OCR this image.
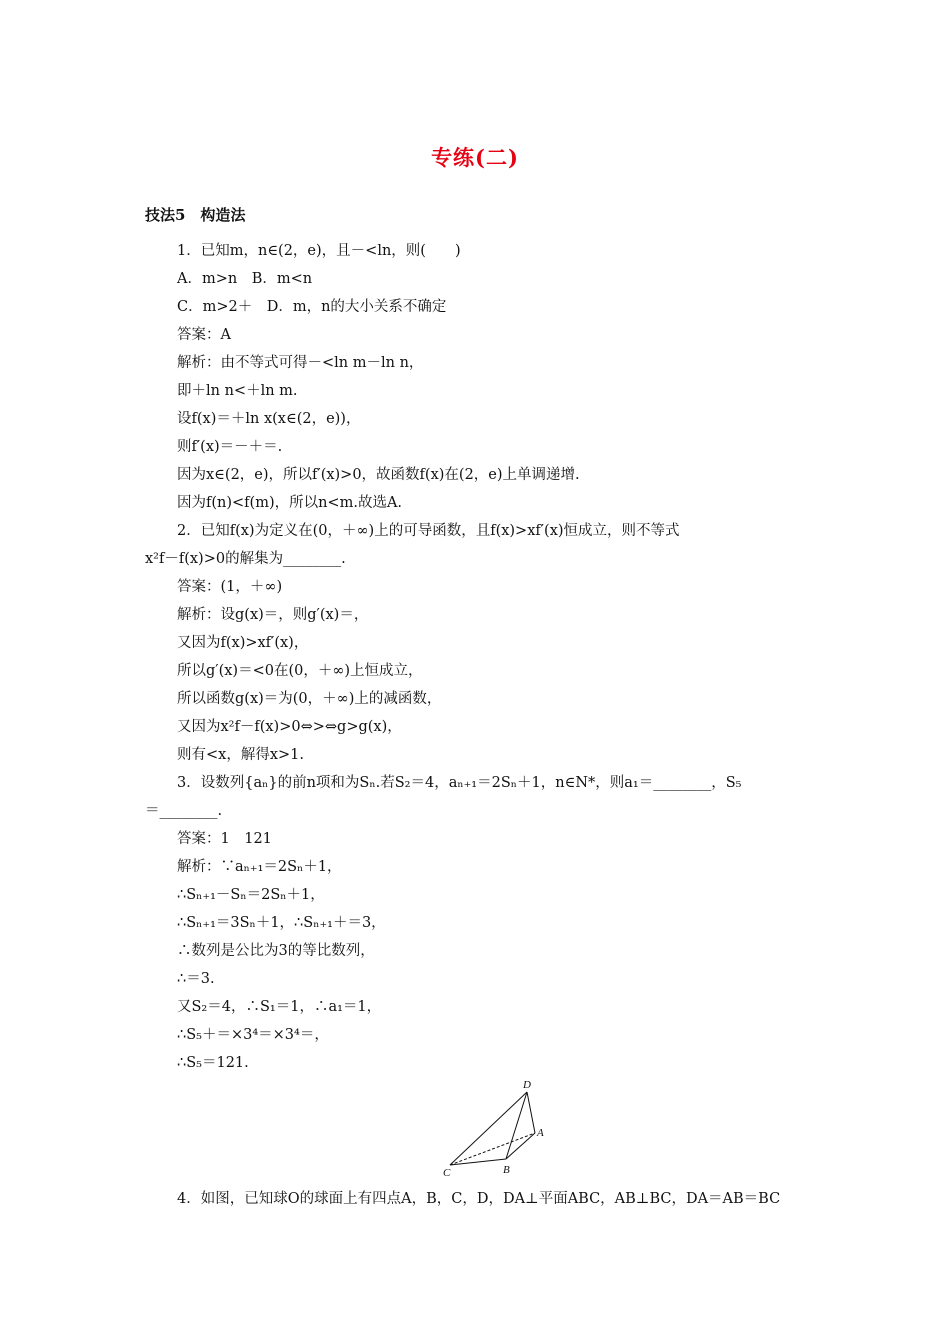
专练(二)
技法5　构造法
1．已知m，n∈(2，e)，且－<ln，则(　　)
A．m>n　B．m<n
C．m>2＋　D．m，n的大小关系不确定
答案：A
解析：由不等式可得－<ln m－ln n，
即＋ln n<＋ln m.
设f(x)＝＋ln x(x∈(2，e))，
则f′(x)＝－＋＝.
因为x∈(2，e)，所以f′(x)>0，故函数f(x)在(2，e)上单调递增.
因为f(n)<f(m)，所以n<m.故选A.
2．已知f(x)为定义在(0，＋∞)上的可导函数，且f(x)>xf′(x)恒成立，则不等式
x²f－f(x)>0的解集为________.
答案：(1，＋∞)
解析：设g(x)＝，则g′(x)＝，
又因为f(x)>xf′(x)，
所以g′(x)＝<0在(0，＋∞)上恒成立，
所以函数g(x)＝为(0，＋∞)上的减函数，
又因为x²f－f(x)>0⇔>⇔g>g(x)，
则有<x，解得x>1.
3．设数列{aₙ}的前n项和为Sₙ.若S₂＝4，aₙ₊₁＝2Sₙ＋1，n∈N*，则a₁＝________，S₅
＝________.
答案：1　121
解析：∵aₙ₊₁＝2Sₙ＋1，
∴Sₙ₊₁－Sₙ＝2Sₙ＋1，
∴Sₙ₊₁＝3Sₙ＋1，∴Sₙ₊₁＋＝3，
∴数列是公比为3的等比数列，
∴＝3.
又S₂＝4，∴S₁＝1，∴a₁＝1，
∴S₅＋＝×3⁴＝×3⁴＝，
∴S₅＝121.
D
A
C	B
4．如图，已知球O的球面上有四点A，B，C，D，DA⊥平面ABC，AB⊥BC，DA＝AB＝BC
